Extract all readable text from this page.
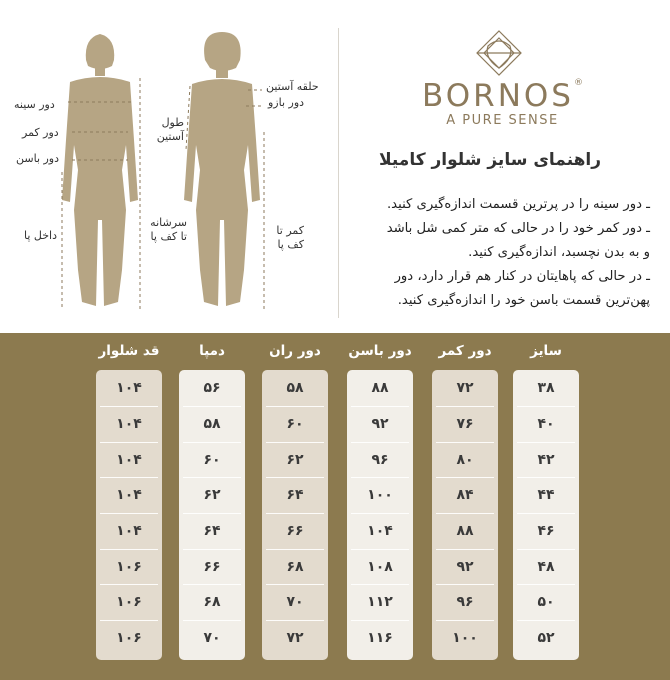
دور سینه
دور کمر
دور باسن
داخل پا
سرشانه تا کف پا
حلقه آستین
دور بازو
طول آستین
کمر تا کف پا
BORNOS®
A PURE SENSE
راهنمای سایز شلوار کامیلا

ـ دور سینه را در پرترین قسمت اندازه‌گیری کنید.

ـ دور کمر خود را در حالی که متر کمی شل باشد

و به بدن نچسبد، اندازه‌گیری کنید.

ـ در حالی که پاهایتان در کنار هم قرار دارد، دور

پهن‌ترین قسمت باسن خود را اندازه‌گیری کنید.

سایز
۳۸
۴۰
۴۲
۴۴
۴۶
۴۸
۵۰
۵۲
دور کمر
۷۲
۷۶
۸۰
۸۴
۸۸
۹۲
۹۶
۱۰۰
دور باسن
۸۸
۹۲
۹۶
۱۰۰
۱۰۴
۱۰۸
۱۱۲
۱۱۶
دور ران
۵۸
۶۰
۶۲
۶۴
۶۶
۶۸
۷۰
۷۲
دمپا
۵۶
۵۸
۶۰
۶۲
۶۴
۶۶
۶۸
۷۰
قد شلوار
۱۰۴
۱۰۴
۱۰۴
۱۰۴
۱۰۴
۱۰۶
۱۰۶
۱۰۶
